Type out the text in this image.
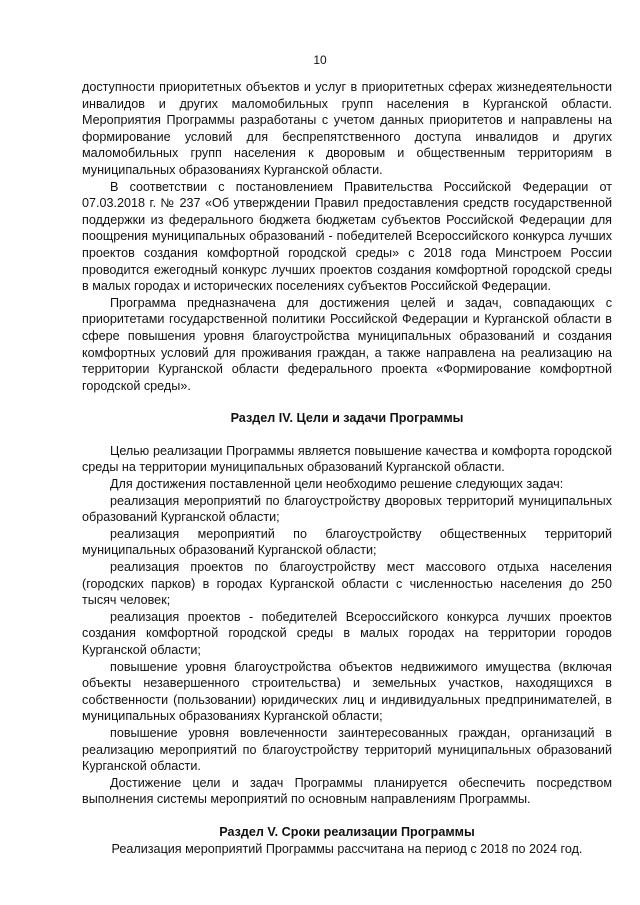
10

доступности приоритетных объектов и услуг в приоритетных сферах жизнедеятельности инвалидов и других маломобильных групп населения в Курганской области. Мероприятия Программы разработаны с учетом данных приоритетов и направлены на формирование условий для беспрепятственного доступа инвалидов и других маломобильных групп населения к дворовым и общественным территориям в муниципальных образованиях Курганской области.

В соответствии с постановлением Правительства Российской Федерации от 07.03.2018 г. № 237 «Об утверждении Правил предоставления средств государственной поддержки из федерального бюджета бюджетам субъектов Российской Федерации для поощрения муниципальных образований - победителей Всероссийского конкурса лучших проектов создания комфортной городской среды» с 2018 года Минстроем России проводится ежегодный конкурс лучших проектов создания комфортной городской среды в малых городах и исторических поселениях субъектов Российской Федерации.

Программа предназначена для достижения целей и задач, совпадающих с приоритетами государственной политики Российской Федерации и Курганской области в сфере повышения уровня благоустройства муниципальных образований и создания комфортных условий для проживания граждан, а также направлена на реализацию на территории Курганской области федерального проекта «Формирование комфортной городской среды».

Раздел IV. Цели и задачи Программы

Целью реализации Программы является повышение качества и комфорта городской среды на территории муниципальных образований Курганской области.

Для достижения поставленной цели необходимо решение следующих задач:

реализация мероприятий по благоустройству дворовых территорий муниципальных образований Курганской области;

реализация мероприятий по благоустройству общественных территорий муниципальных образований Курганской области;

реализация проектов по благоустройству мест массового отдыха населения (городских парков) в городах Курганской области с численностью населения до 250 тысяч человек;

реализация проектов - победителей Всероссийского конкурса лучших проектов создания комфортной городской среды в малых городах на территории городов Курганской области;

повышение уровня благоустройства объектов недвижимого имущества (включая объекты незавершенного строительства) и земельных участков, находящихся в собственности (пользовании) юридических лиц и индивидуальных предпринимателей, в муниципальных образованиях Курганской области;

повышение уровня вовлеченности заинтересованных граждан, организаций в реализацию мероприятий по благоустройству территорий муниципальных образований Курганской области.

Достижение цели и задач Программы планируется обеспечить посредством выполнения системы мероприятий по основным направлениям Программы.

Раздел V. Сроки реализации Программы

Реализация мероприятий Программы рассчитана на период с 2018 по 2024 год.
